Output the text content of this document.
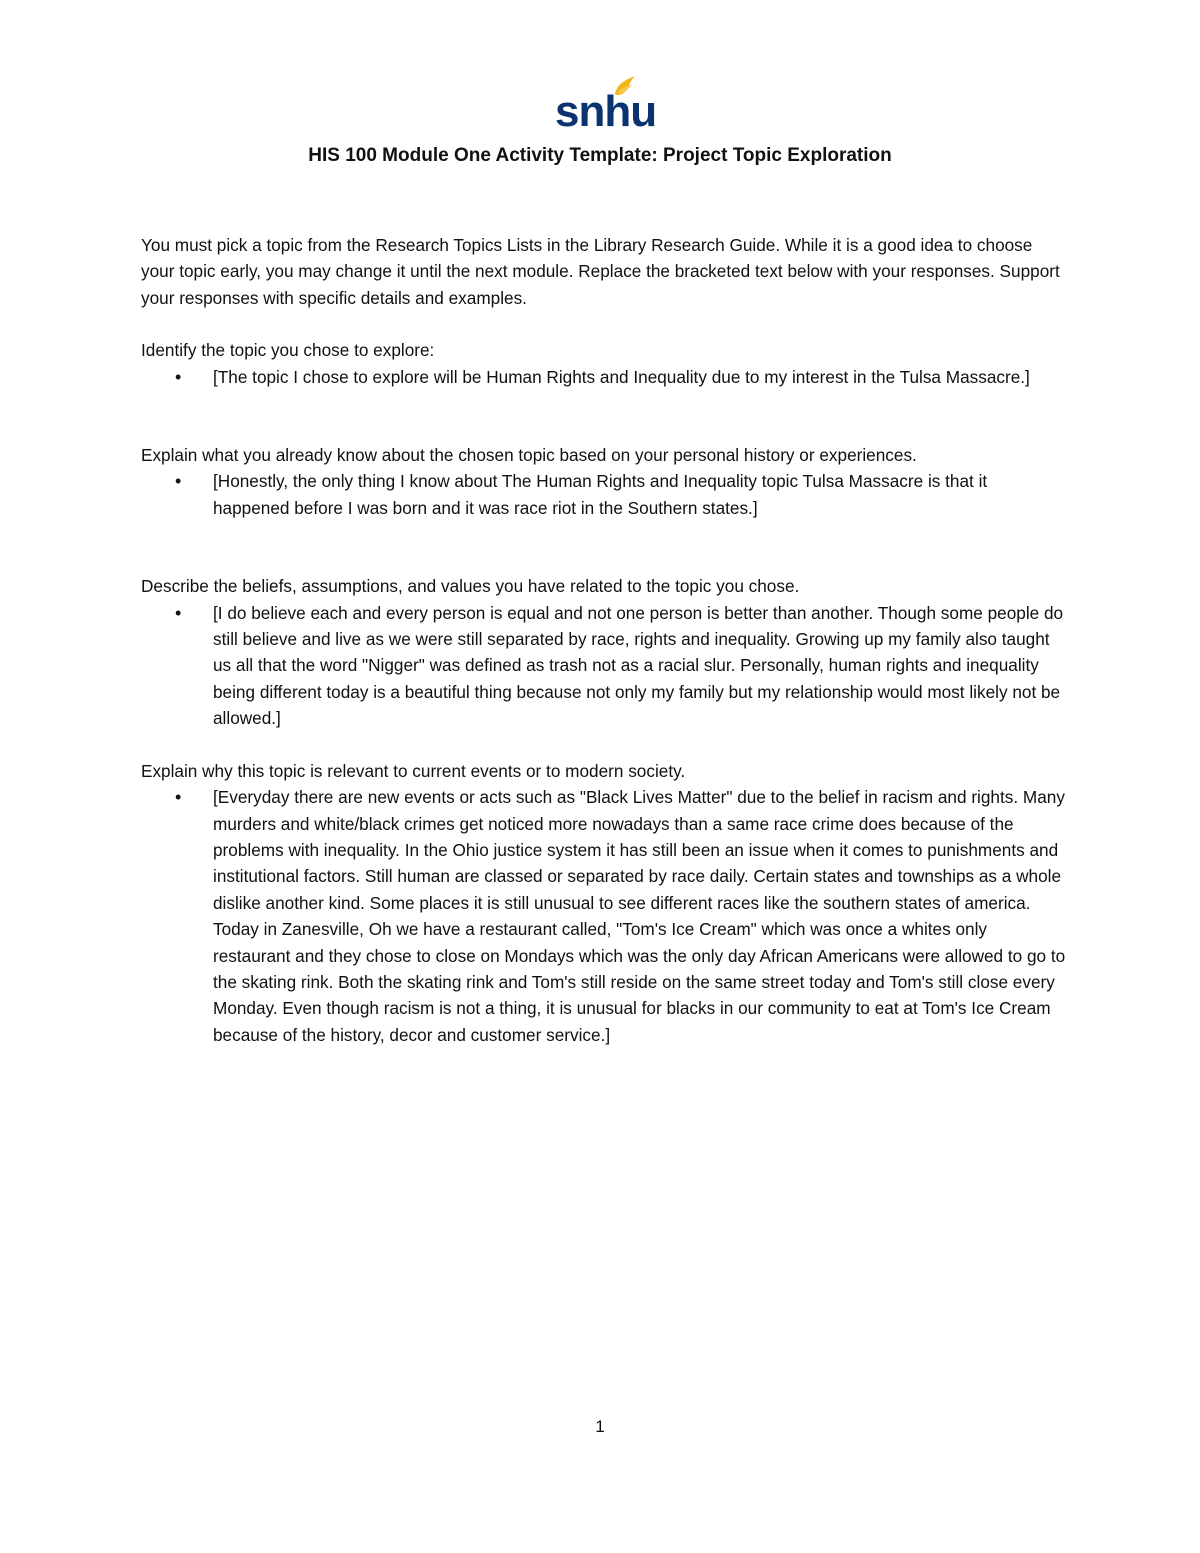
snhu
HIS 100 Module One Activity Template: Project Topic Exploration

You must pick a topic from the Research Topics Lists in the Library Research Guide. While it is a good idea to choose your topic early, you may change it until the next module. Replace the bracketed text below with your responses. Support your responses with specific details and examples.

Identify the topic you chose to explore:

• [The topic I chose to explore will be Human Rights and Inequality due to my interest in the Tulsa Massacre.]

Explain what you already know about the chosen topic based on your personal history or experiences.

• [Honestly, the only thing I know about The Human Rights and Inequality topic Tulsa Massacre is that it happened before I was born and it was race riot in the Southern states.]

Describe the beliefs, assumptions, and values you have related to the topic you chose.

• [I do believe each and every person is equal and not one person is better than another. Though some people do still believe and live as we were still separated by race, rights and inequality. Growing up my family also taught us all that the word "Nigger" was defined as trash not as a racial slur. Personally, human rights and inequality being different today is a beautiful thing because not only my family but my relationship would most likely not be allowed.]

Explain why this topic is relevant to current events or to modern society.

• [Everyday there are new events or acts such as "Black Lives Matter" due to the belief in racism and rights. Many murders and white/black crimes get noticed more nowadays than a same race crime does because of the problems with inequality. In the Ohio justice system it has still been an issue when it comes to punishments and institutional factors. Still human are classed or separated by race daily. Certain states and townships as a whole dislike another kind. Some places it is still unusual to see different races like the southern states of america. Today in Zanesville, Oh we have a restaurant called, "Tom's Ice Cream" which was once a whites only restaurant and they chose to close on Mondays which was the only day African Americans were allowed to go to the skating rink. Both the skating rink and Tom's still reside on the same street today and Tom's still close every Monday. Even though racism is not a thing, it is unusual for blacks in our community to eat at Tom's Ice Cream because of the history, decor and customer service.]
1
